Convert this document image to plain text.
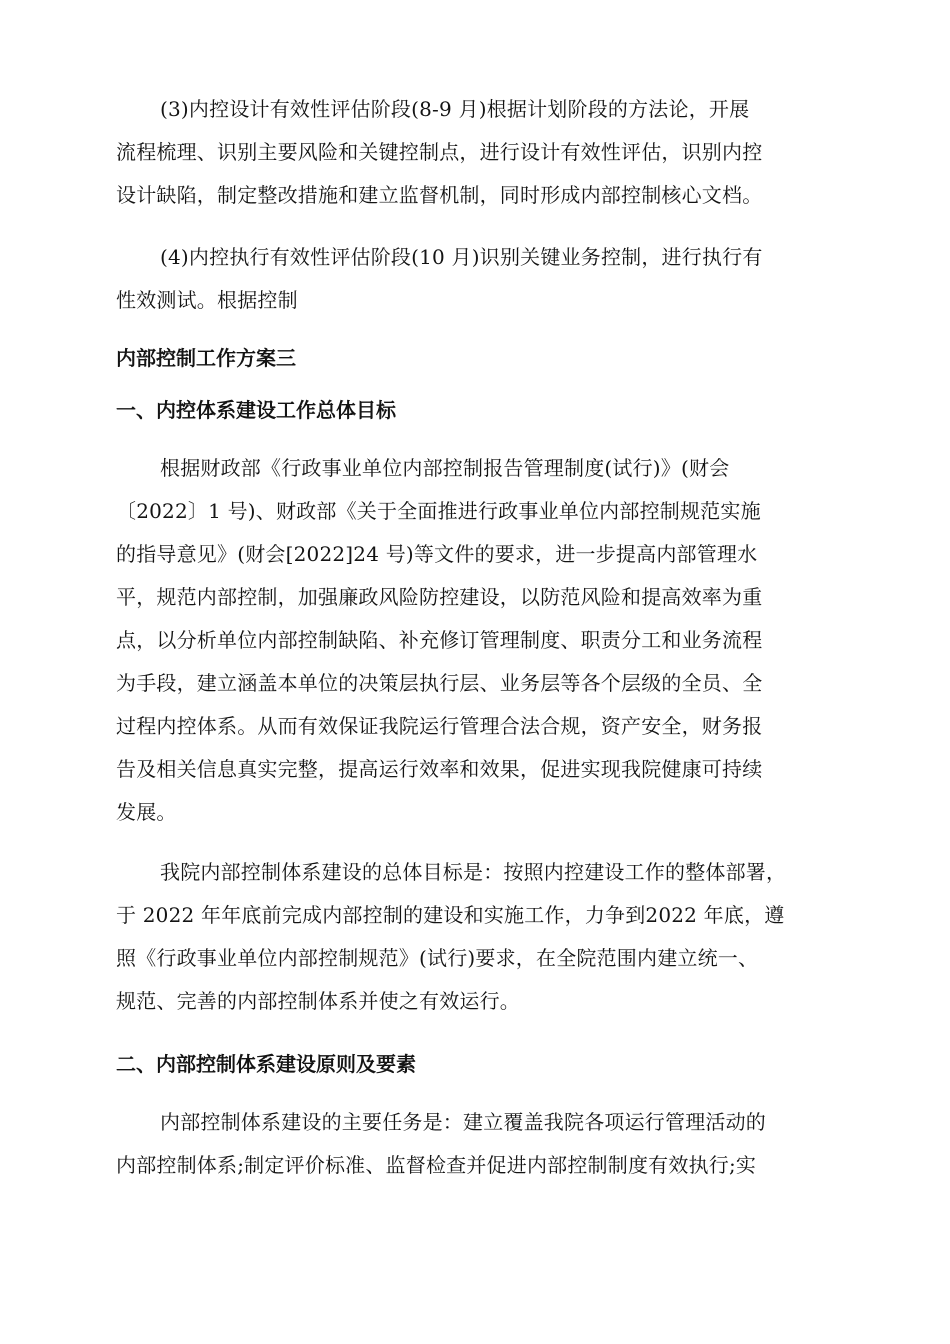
(3)内控设计有效性评估阶段(8-9 月)根据计划阶段的方法论，开展
流程梳理、识别主要风险和关键控制点，进行设计有效性评估，识别内控
设计缺陷，制定整改措施和建立监督机制，同时形成内部控制核心文档。
(4)内控执行有效性评估阶段(10 月)识别关键业务控制，进行执行有
性效测试。根据控制
内部控制工作方案三
一、内控体系建设工作总体目标
根据财政部《行政事业单位内部控制报告管理制度(试行)》(财会
〔2022〕1 号)、财政部《关于全面推进行政事业单位内部控制规范实施
的指导意见》(财会[2022]24 号)等文件的要求，进一步提高内部管理水
平，规范内部控制，加强廉政风险防控建设，以防范风险和提高效率为重
点，以分析单位内部控制缺陷、补充修订管理制度、职责分工和业务流程
为手段，建立涵盖本单位的决策层执行层、业务层等各个层级的全员、全
过程内控体系。从而有效保证我院运行管理合法合规，资产安全，财务报
告及相关信息真实完整，提高运行效率和效果，促进实现我院健康可持续
发展。
我院内部控制体系建设的总体目标是：按照内控建设工作的整体部署，
于 2022 年年底前完成内部控制的建设和实施工作，力争到2022 年底，遵
照《行政事业单位内部控制规范》(试行)要求，在全院范围内建立统一、
规范、完善的内部控制体系并使之有效运行。
二、内部控制体系建设原则及要素
内部控制体系建设的主要任务是：建立覆盖我院各项运行管理活动的
内部控制体系;制定评价标准、监督检查并促进内部控制制度有效执行;实
